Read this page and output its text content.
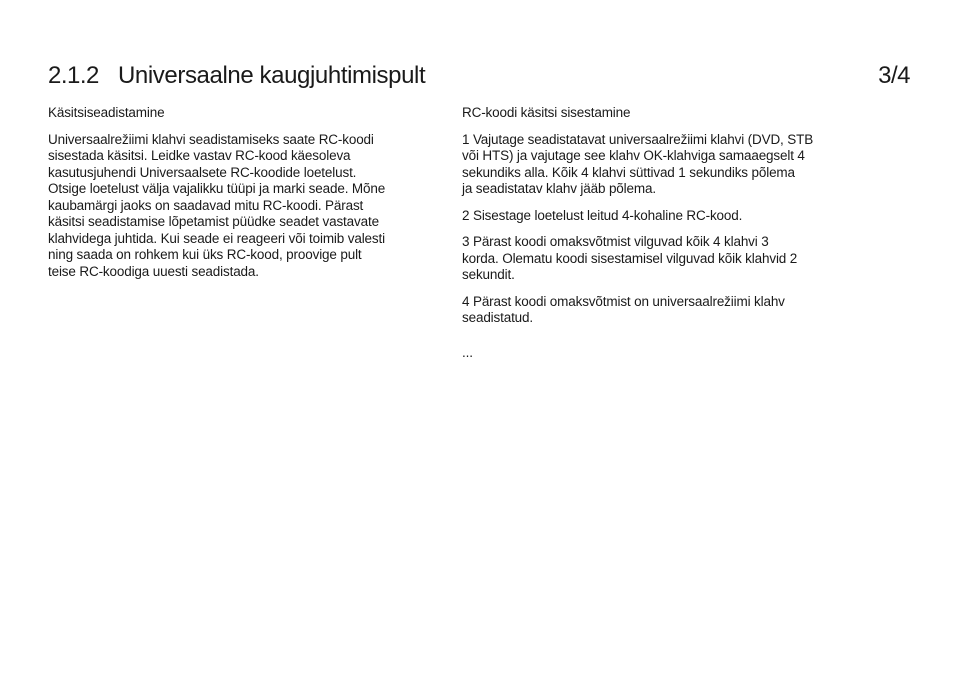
2.1.2 Universaalne kaugjuhtimispult	3/4
Käsitsiseadistamine
Universaalrežiimi klahvi seadistamiseks saate RC-koodi
sisestada käsitsi. Leidke vastav RC-kood käesoleva
kasutusjuhendi Universaalsete RC-koodide loetelust.
Otsige loetelust välja vajalikku tüüpi ja marki seade. Mõne
kaubamärgi jaoks on saadavad mitu RC-koodi. Pärast
käsitsi seadistamise lõpetamist püüdke seadet vastavate
klahvidega juhtida. Kui seade ei reageeri või toimib valesti
ning saada on rohkem kui üks RC-kood, proovige pult
teise RC-koodiga uuesti seadistada.
RC-koodi käsitsi sisestamine
1 Vajutage seadistatavat universaalrežiimi klahvi (DVD, STB
või HTS) ja vajutage see klahv OK-klahviga samaaegselt 4
sekundiks alla. Kõik 4 klahvi süttivad 1 sekundiks põlema
ja seadistatav klahv jääb põlema.
2 Sisestage loetelust leitud 4-kohaline RC-kood.
3 Pärast koodi omaksvõtmist vilguvad kõik 4 klahvi 3
korda. Olematu koodi sisestamisel vilguvad kõik klahvid 2
sekundit.
4 Pärast koodi omaksvõtmist on universaalrežiimi klahv
seadistatud.
...
